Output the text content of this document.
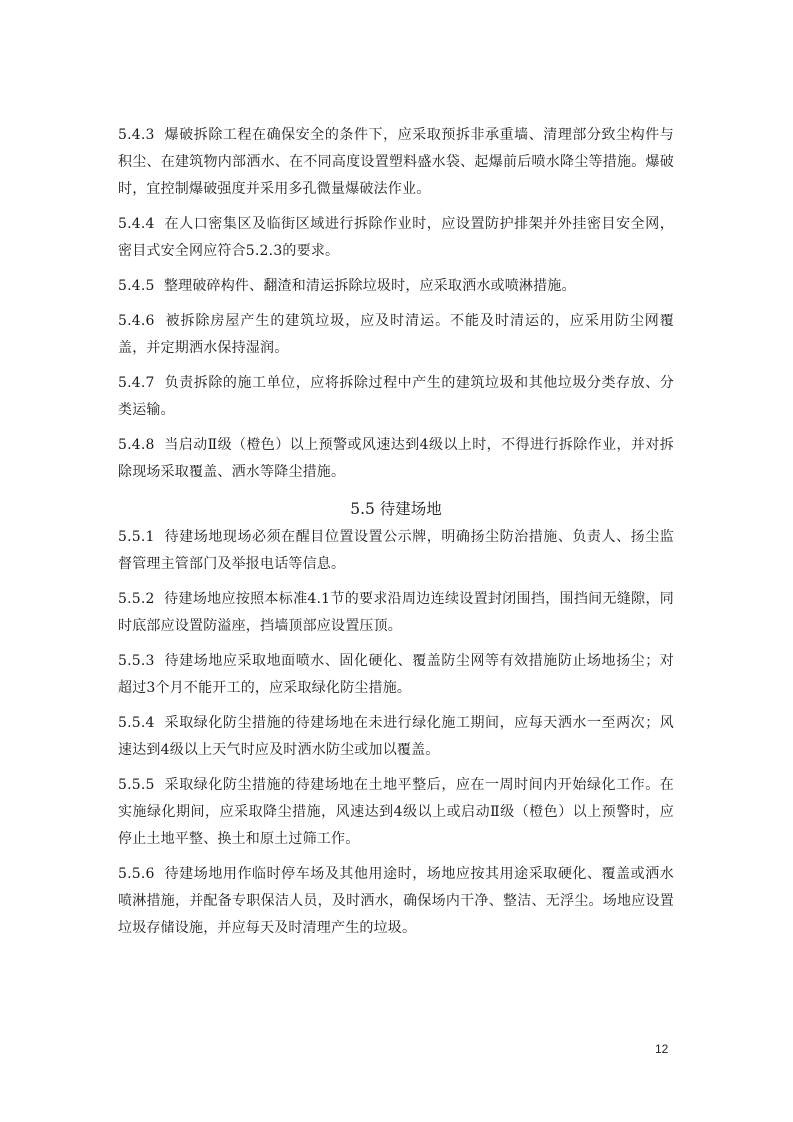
5.4.3 爆破拆除工程在确保安全的条件下，应采取预拆非承重墙、清理部分致尘构件与积尘、在建筑物内部洒水、在不同高度设置塑料盛水袋、起爆前后喷水降尘等措施。爆破时，宜控制爆破强度并采用多孔微量爆破法作业。

5.4.4 在人口密集区及临街区域进行拆除作业时，应设置防护排架并外挂密目安全网，密目式安全网应符合5.2.3的要求。

5.4.5 整理破碎构件、翻渣和清运拆除垃圾时，应采取洒水或喷淋措施。

5.4.6 被拆除房屋产生的建筑垃圾，应及时清运。不能及时清运的，应采用防尘网覆盖，并定期洒水保持湿润。

5.4.7 负责拆除的施工单位，应将拆除过程中产生的建筑垃圾和其他垃圾分类存放、分类运输。

5.4.8 当启动Ⅱ级（橙色）以上预警或风速达到4级以上时，不得进行拆除作业，并对拆除现场采取覆盖、洒水等降尘措施。

5.5 待建场地

5.5.1 待建场地现场必须在醒目位置设置公示牌，明确扬尘防治措施、负责人、扬尘监督管理主管部门及举报电话等信息。

5.5.2 待建场地应按照本标准4.1节的要求沿周边连续设置封闭围挡，围挡间无缝隙，同时底部应设置防溢座，挡墙顶部应设置压顶。

5.5.3 待建场地应采取地面喷水、固化硬化、覆盖防尘网等有效措施防止场地扬尘；对超过3个月不能开工的，应采取绿化防尘措施。

5.5.4 采取绿化防尘措施的待建场地在未进行绿化施工期间，应每天洒水一至两次；风速达到4级以上天气时应及时洒水防尘或加以覆盖。

5.5.5 采取绿化防尘措施的待建场地在土地平整后，应在一周时间内开始绿化工作。在实施绿化期间，应采取降尘措施，风速达到4级以上或启动Ⅱ级（橙色）以上预警时，应停止土地平整、换土和原土过筛工作。

5.5.6 待建场地用作临时停车场及其他用途时，场地应按其用途采取硬化、覆盖或洒水喷淋措施，并配备专职保洁人员，及时洒水，确保场内干净、整洁、无浮尘。场地应设置垃圾存储设施，并应每天及时清理产生的垃圾。

12
